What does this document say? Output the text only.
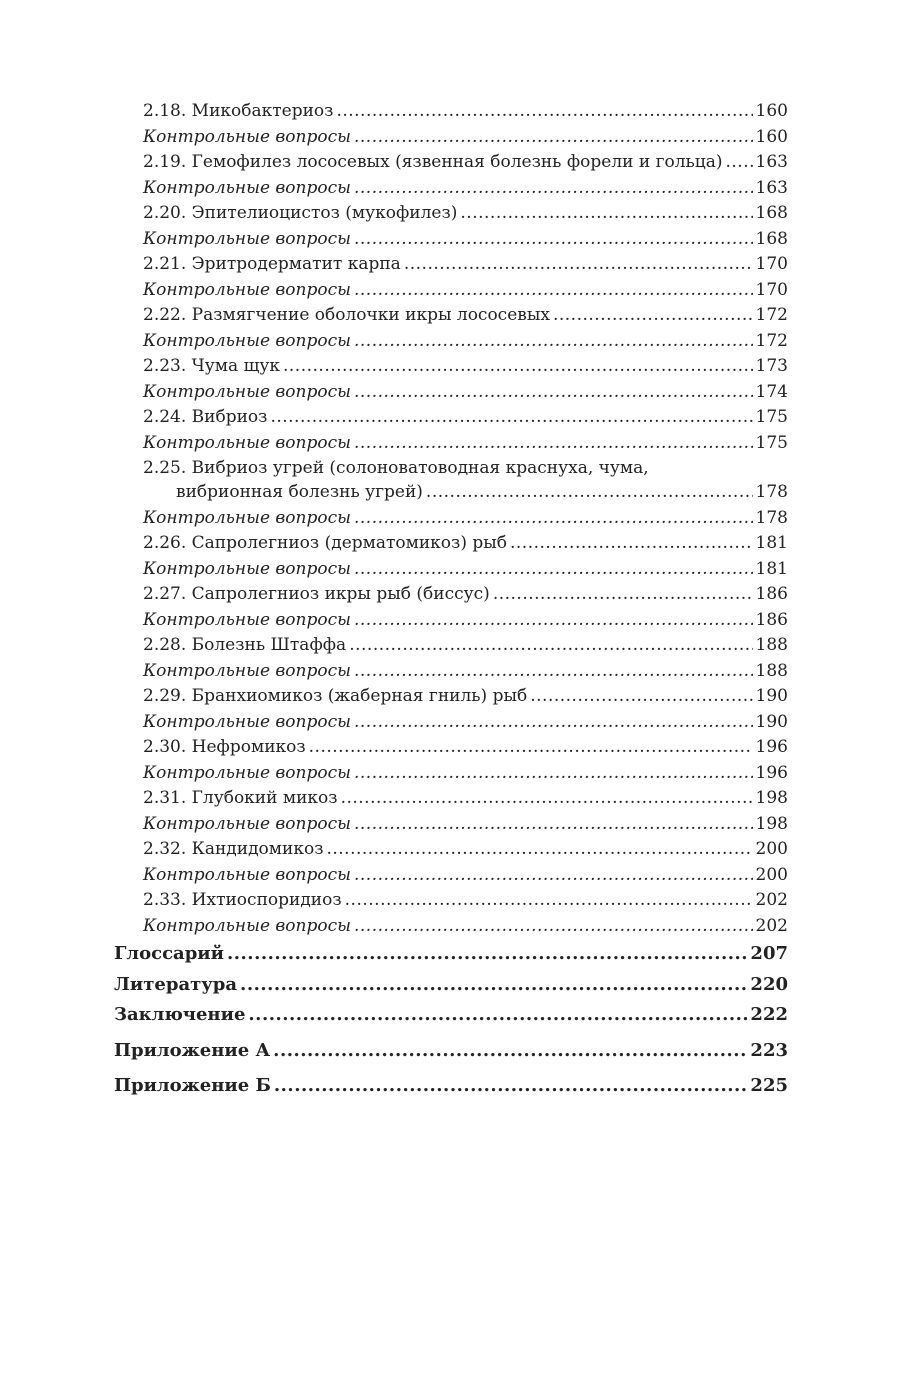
2.18. Микобактериоз .....	160
Контрольные вопросы .....	160
2.19. Гемофилез лососевых (язвенная болезнь форели и гольца) ..... 163
Контрольные вопросы .....	163
2.20. Эпителиоцистоз (мукофилез) .....	168
Контрольные вопросы .....	168
2.21. Эритродерматит карпа .....	170
Контрольные вопросы .....	170
2.22. Размягчение оболочки икры лососевых .....	172
Контрольные вопросы .....	172
2.23. Чума щук .....	173
Контрольные вопросы .....	174
2.24. Вибриоз .....	175
Контрольные вопросы .....	175
2.25. Вибриоз угрей (солоноватоводная краснуха, чума,
вибрионная болезнь угрей) .....	178
Контрольные вопросы .....	178
2.26. Сапролегниоз (дерматомикоз) рыб .....	181
Контрольные вопросы .....	181
2.27. Сапролегниоз икры рыб (биссус) .....	186
Контрольные вопросы .....	186
2.28. Болезнь Штаффа .....	188
Контрольные вопросы .....	188
2.29. Бранхиомикоз (жаберная гниль) рыб .....	190
Контрольные вопросы .....	190
2.30. Нефромикоз .....	196
Контрольные вопросы .....	196
2.31. Глубокий микоз .....	198
Контрольные вопросы .....	198
2.32. Кандидомикоз .....	200
Контрольные вопросы .....	200
2.33. Ихтиоспоридиоз .....	202
Контрольные вопросы .....	202
Глоссарий .....	207
Литература .....	220
Заключение .....	222
Приложение А .....	223
Приложение Б .....	225
